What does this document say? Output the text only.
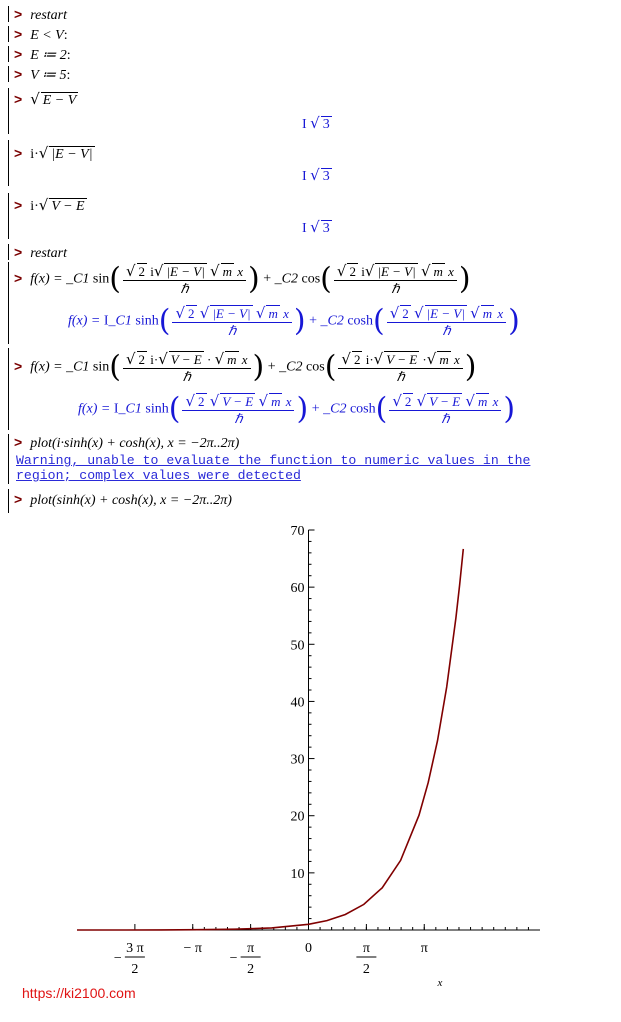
> restart
> E < V:
> E ≔ 2:
> V ≔ 5:
> √ E − V
I √ 3
> i·√ |E − V|
I √ 3
> i·√ V − E
I √ 3
> restart
> f(x) = _C1 $\sin( \frac{\text{√ 2 i√ |E − V| √ m x}}{\text{ℏ}}$ ) + _C2 $\cos( \frac{\text{√ 2 i√ |E − V| √ m x}}{\text{ℏ}}$ )
f(x) = I_C1 $\sinh( \frac{\text{√ 2 √ |E − V| √ m x}}{\text{ℏ}}$ ) + _C2 $\cosh( \frac{\text{√ 2 √ |E − V| √ m x}}{\text{ℏ}}$ )
> f(x) = _C1 $\sin( \frac{\text{√ 2 i·√ V − E · √ m x}}{\text{ℏ}}$ ) + _C2 $\cos( \frac{\text{√ 2 i·√ V − E ·√ m x}}{\text{ℏ}}$ )
f(x) = I_C1 $\sinh( \frac{\text{√ 2 √ V − E √ m x}}{\text{ℏ}}$ ) + _C2 $\cosh( \frac{\text{√ 2 √ V − E √ m x}}{\text{ℏ}}$ )
> plot(i·sinh(x) + cosh(x), x = −2π..2π)
Warning, unable to evaluate the function to numeric values in the
region; complex values were detected
> plot(sinh(x) + cosh(x), x = −2π..2π)
10
20
30
40
50
60
70
3 π
2
−
− π	π
2
−
0	π
2
π
x
https://ki2100.com
